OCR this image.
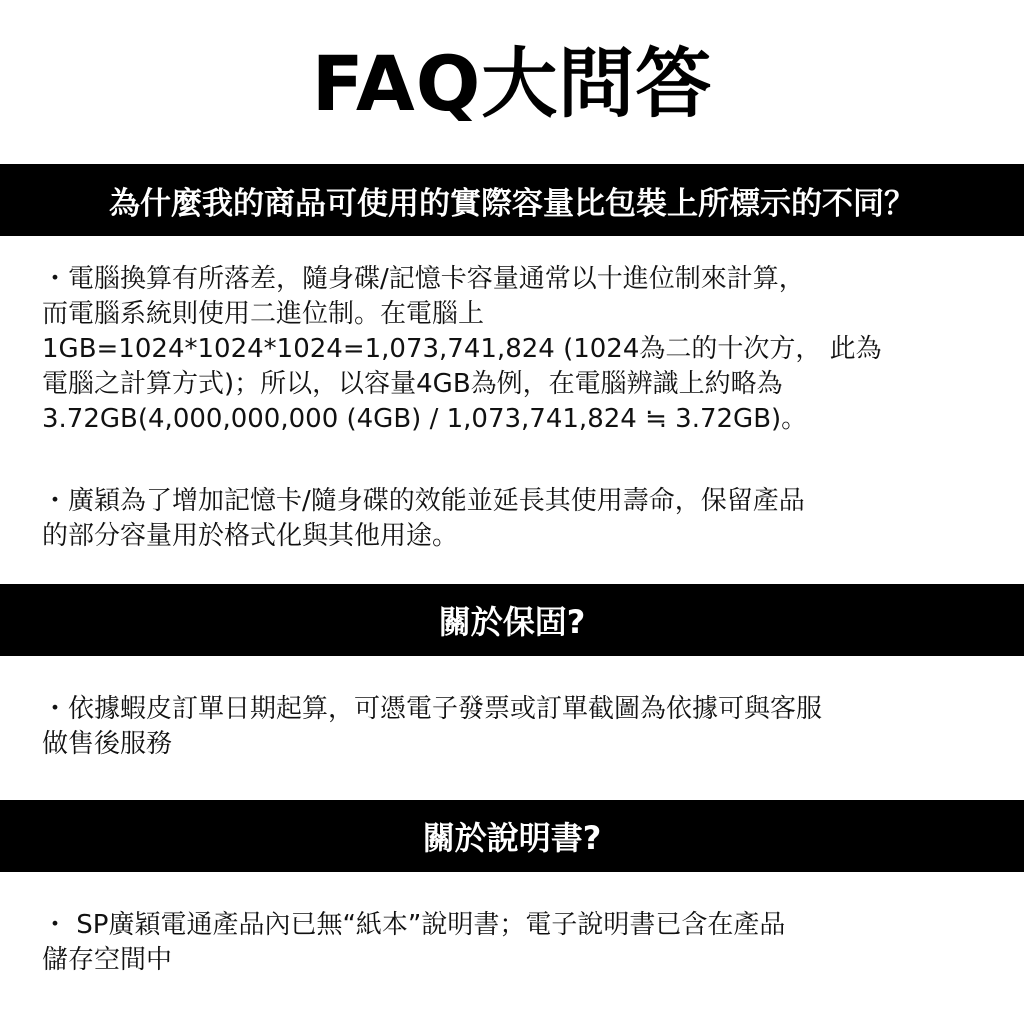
FAQ大問答
為什麼我的商品可使用的實際容量比包裝上所標示的不同？
・電腦換算有所落差，隨身碟/記憶卡容量通常以十進位制來計算，
而電腦系統則使用二進位制。在電腦上
1GB=1024*1024*1024=1,073,741,824 (1024為二的十次方， 此為
電腦之計算方式)；所以，以容量4GB為例，在電腦辨識上約略為
3.72GB(4,000,000,000 (4GB) / 1,073,741,824 ≒ 3.72GB)。
・廣穎為了增加記憶卡/隨身碟的效能並延長其使用壽命，保留產品
的部分容量用於格式化與其他用途。
關於保固?
・依據蝦皮訂單日期起算，可憑電子發票或訂單截圖為依據可與客服
做售後服務
關於說明書?
・ SP廣穎電通產品內已無“紙本”說明書；電子說明書已含在產品
儲存空間中
